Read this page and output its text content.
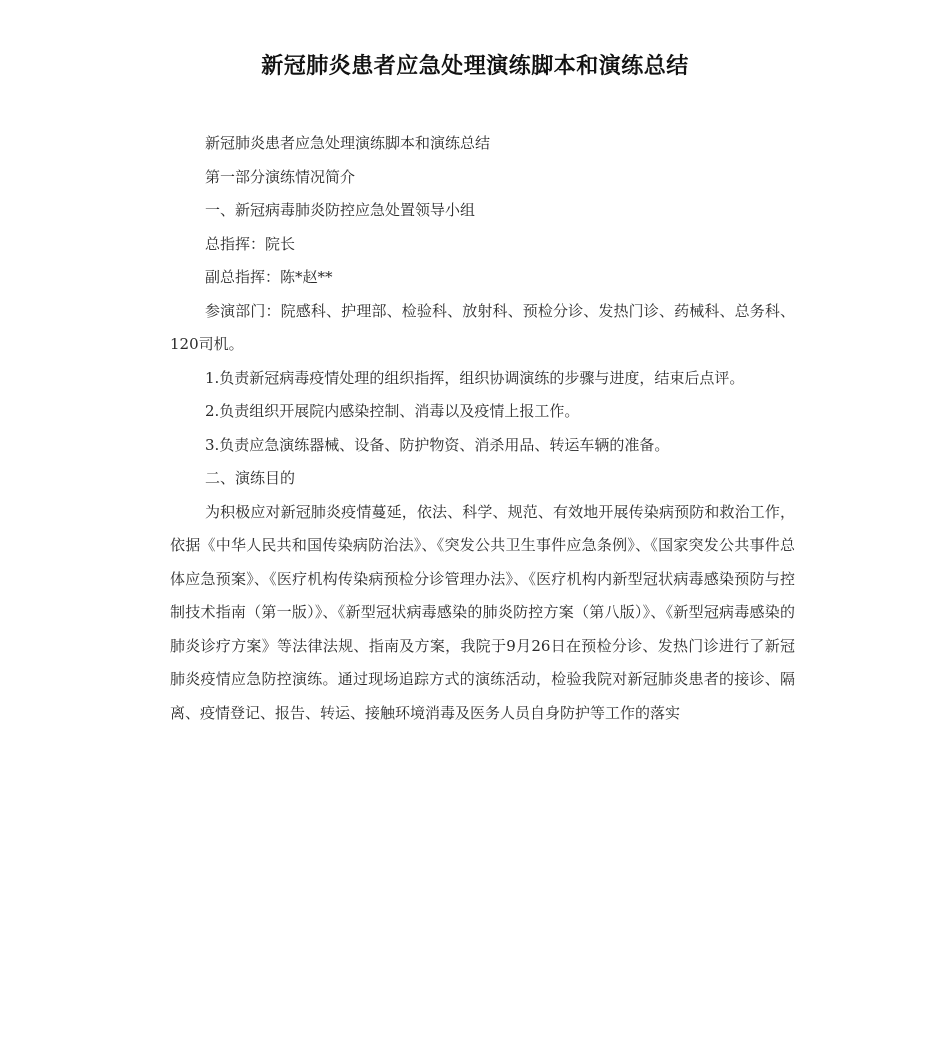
新冠肺炎患者应急处理演练脚本和演练总结

新冠肺炎患者应急处理演练脚本和演练总结

第一部分演练情况简介

一、新冠病毒肺炎防控应急处置领导小组

总指挥：院长

副总指挥：陈*赵**

参演部门：院感科、护理部、检验科、放射科、预检分诊、发热门诊、药械科、总务科、120司机。

1.负责新冠病毒疫情处理的组织指挥，组织协调演练的步骤与进度，结束后点评。

2.负责组织开展院内感染控制、消毒以及疫情上报工作。

3.负责应急演练器械、设备、防护物资、消杀用品、转运车辆的准备。

二、演练目的

为积极应对新冠肺炎疫情蔓延，依法、科学、规范、有效地开展传染病预防和救治工作，依据《中华人民共和国传染病防治法》、《突发公共卫生事件应急条例》、《国家突发公共事件总体应急预案》、《医疗机构传染病预检分诊管理办法》、《医疗机构内新型冠状病毒感染预防与控制技术指南（第一版）》、《新型冠状病毒感染的肺炎防控方案（第八版）》、《新型冠病毒感染的肺炎诊疗方案》等法律法规、指南及方案，我院于9月26日在预检分诊、发热门诊进行了新冠肺炎疫情应急防控演练。通过现场追踪方式的演练活动，检验我院对新冠肺炎患者的接诊、隔离、疫情登记、报告、转运、接触环境消毒及医务人员自身防护等工作的落实
